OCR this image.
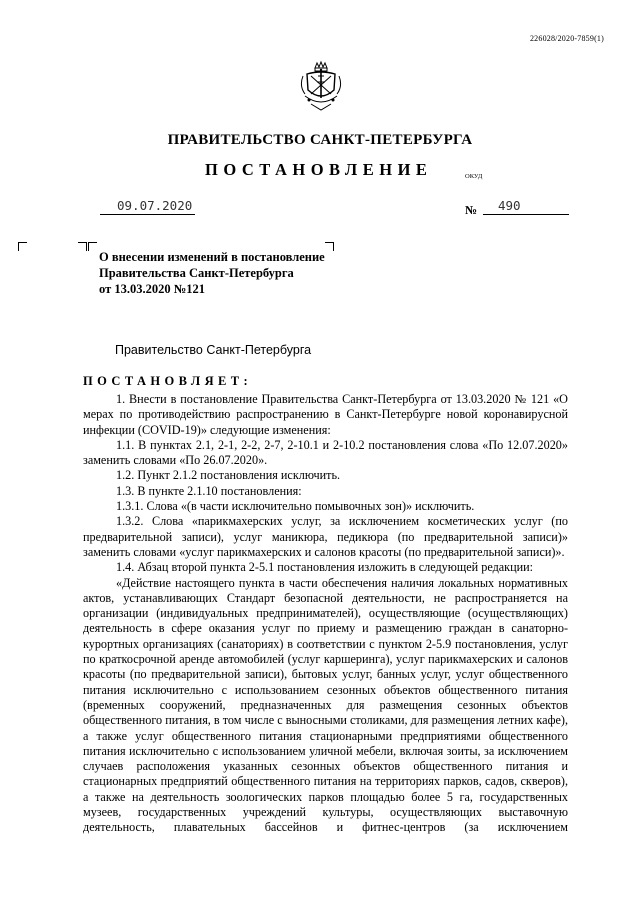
226028/2020-7859(1)
ПРАВИТЕЛЬСТВО САНКТ-ПЕТЕРБУРГА
ПОСТАНОВЛЕНИЕ	ОКУД
09.07.2020	№ 490
О внесении изменений в постановление
Правительства Санкт-Петербурга
от 13.03.2020 №121
Правительство Санкт-Петербурга
ПОСТАНОВЛЯЕТ:

1. Внести в постановление Правительства Санкт-Петербурга от 13.03.2020 № 121 «О мерах по противодействию распространению в Санкт-Петербурге новой коронавирусной инфекции (COVID-19)» следующие изменения:

1.1. В пунктах 2.1, 2-1, 2-2, 2-7, 2-10.1 и 2-10.2 постановления слова «По 12.07.2020» заменить словами «По 26.07.2020».

1.2. Пункт 2.1.2 постановления исключить.

1.3. В пункте 2.1.10 постановления:

1.3.1. Слова «(в части исключительно помывочных зон)» исключить.

1.3.2. Слова «парикмахерских услуг, за исключением косметических услуг (по предварительной записи), услуг маникюра, педикюра (по предварительной записи)» заменить словами «услуг парикмахерских и салонов красоты (по предварительной записи)».

1.4. Абзац второй пункта 2-5.1 постановления изложить в следующей редакции:

«Действие настоящего пункта в части обеспечения наличия локальных нормативных актов, устанавливающих Стандарт безопасной деятельности, не распространяется на организации (индивидуальных предпринимателей), осуществляющие (осуществляющих) деятельность в сфере оказания услуг по приему и размещению граждан в санаторно-курортных организациях (санаториях) в соответствии с пунктом 2-5.9 постановления, услуг по краткосрочной аренде автомобилей (услуг каршеринга), услуг парикмахерских и салонов красоты (по предварительной записи), бытовых услуг, банных услуг, услуг общественного питания исключительно с использованием сезонных объектов общественного питания (временных сооружений, предназначенных для размещения сезонных объектов общественного питания, в том числе с выносными столиками, для размещения летних кафе), а также услуг общественного питания стационарными предприятиями общественного питания исключительно с использованием уличной мебели, включая зоиты, за исключением случаев расположения указанных сезонных объектов общественного питания и стационарных предприятий общественного питания на территориях парков, садов, скверов), а также на деятельность зоологических парков площадью более 5 га, государственных музеев, государственных учреждений культуры, осуществляющих выставочную деятельность, плавательных бассейнов и фитнес-центров (за исключением
